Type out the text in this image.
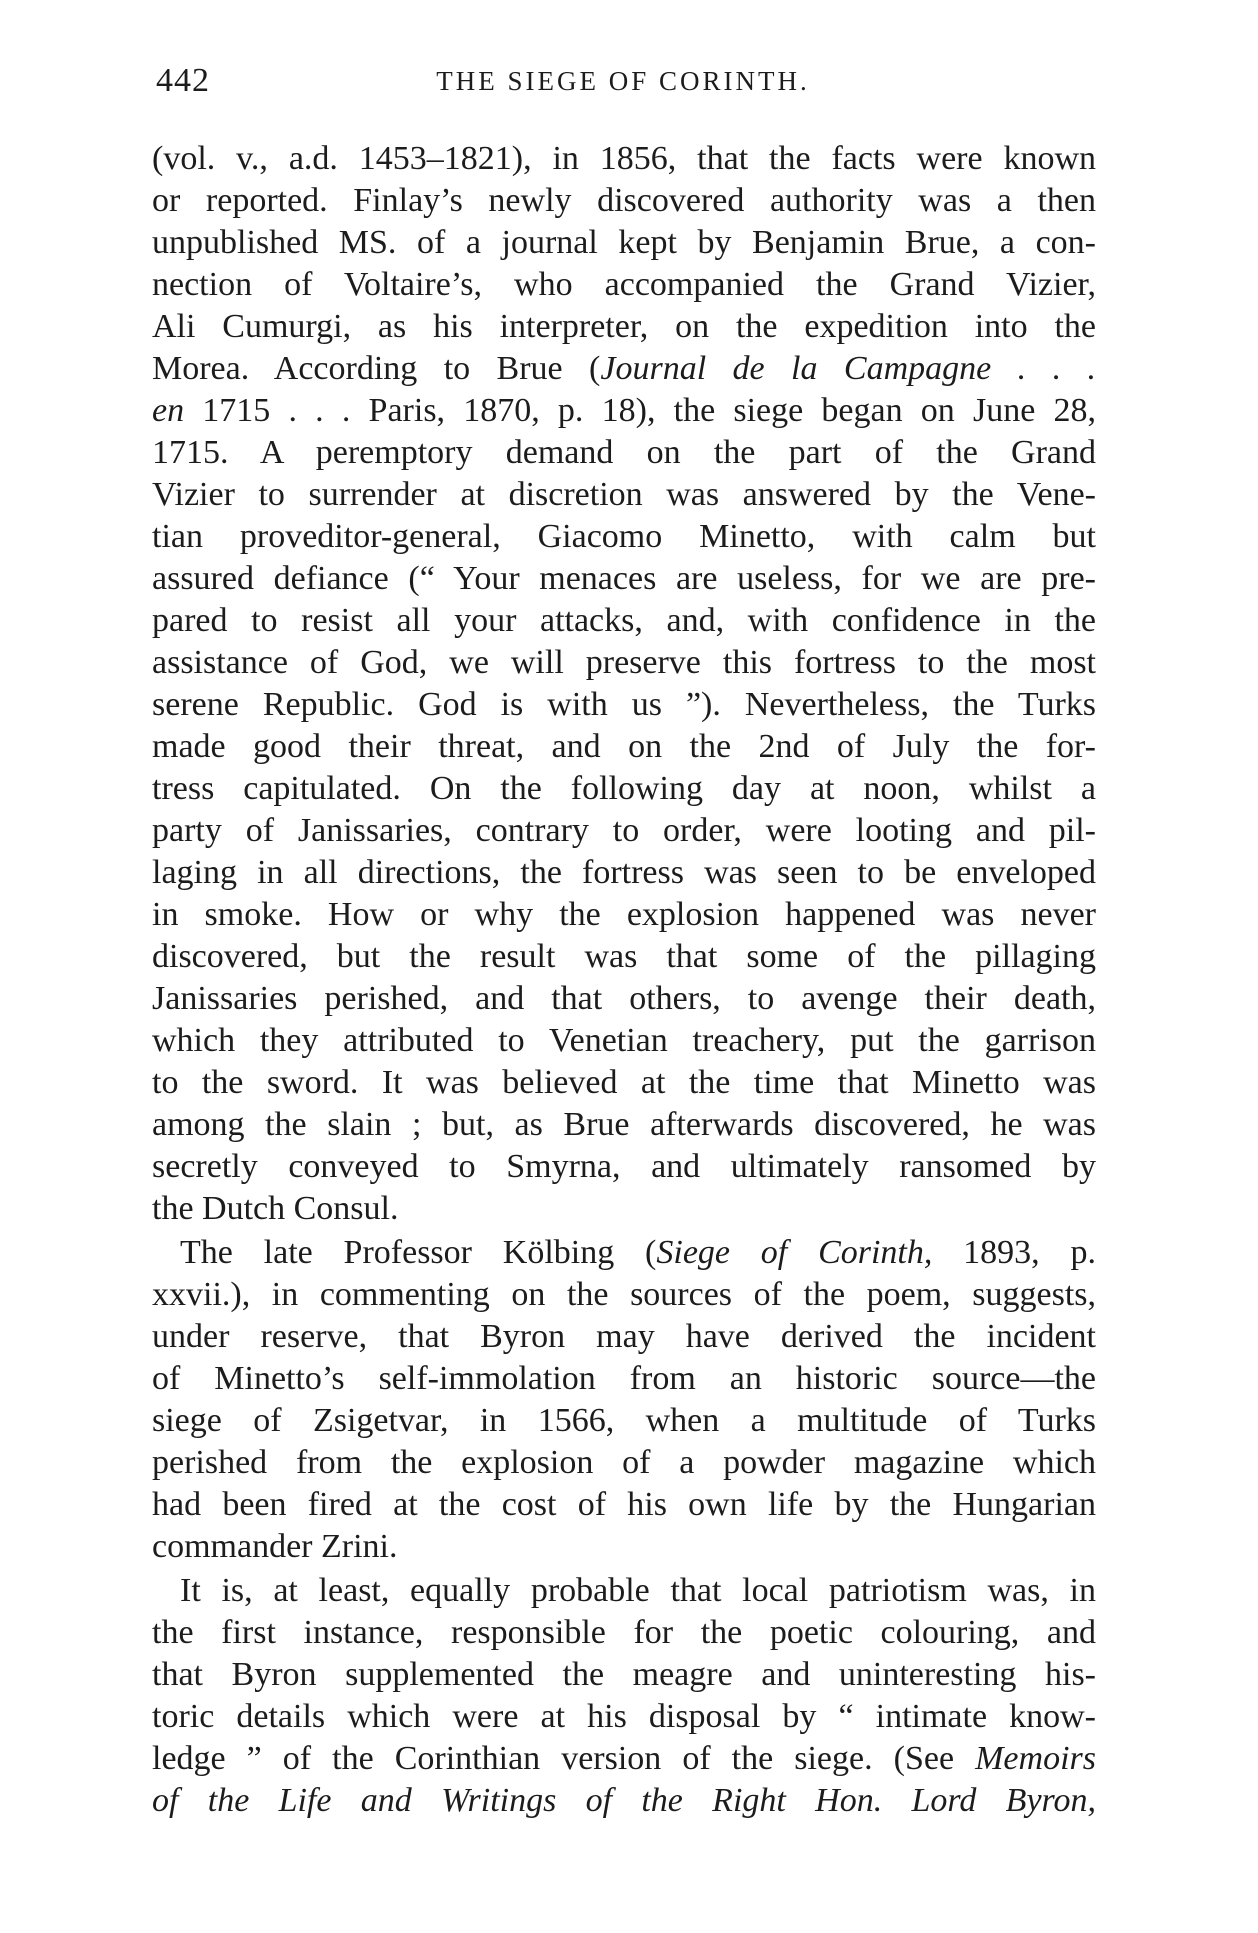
442	THE SIEGE OF CORINTH.
(vol. v., a.d. 1453–1821), in 1856, that the facts were known
or reported. Finlay’s newly discovered authority was a then
unpublished MS. of a journal kept by Benjamin Brue, a con-
nection of Voltaire’s, who accompanied the Grand Vizier,
Ali Cumurgi, as his interpreter, on the expedition into the
Morea. According to Brue (Journal de la Campagne . . .
en 1715 . . . Paris, 1870, p. 18), the siege began on June 28,
1715. A peremptory demand on the part of the Grand
Vizier to surrender at discretion was answered by the Vene-
tian proveditor-general, Giacomo Minetto, with calm but
assured defiance (“ Your menaces are useless, for we are pre-
pared to resist all your attacks, and, with confidence in the
assistance of God, we will preserve this fortress to the most
serene Republic. God is with us ”). Nevertheless, the Turks
made good their threat, and on the 2nd of July the for-
tress capitulated. On the following day at noon, whilst a
party of Janissaries, contrary to order, were looting and pil-
laging in all directions, the fortress was seen to be enveloped
in smoke. How or why the explosion happened was never
discovered, but the result was that some of the pillaging
Janissaries perished, and that others, to avenge their death,
which they attributed to Venetian treachery, put the garrison
to the sword. It was believed at the time that Minetto was
among the slain ; but, as Brue afterwards discovered, he was
secretly conveyed to Smyrna, and ultimately ransomed by
the Dutch Consul.
The late Professor Kölbing (Siege of Corinth, 1893, p.
xxvii.), in commenting on the sources of the poem, suggests,
under reserve, that Byron may have derived the incident
of Minetto’s self-immolation from an historic source—the
siege of Zsigetvar, in 1566, when a multitude of Turks
perished from the explosion of a powder magazine which
had been fired at the cost of his own life by the Hungarian
commander Zrini.
It is, at least, equally probable that local patriotism was, in
the first instance, responsible for the poetic colouring, and
that Byron supplemented the meagre and uninteresting his-
toric details which were at his disposal by “ intimate know-
ledge ” of the Corinthian version of the siege. (See Memoirs
of the Life and Writings of the Right Hon. Lord Byron,
